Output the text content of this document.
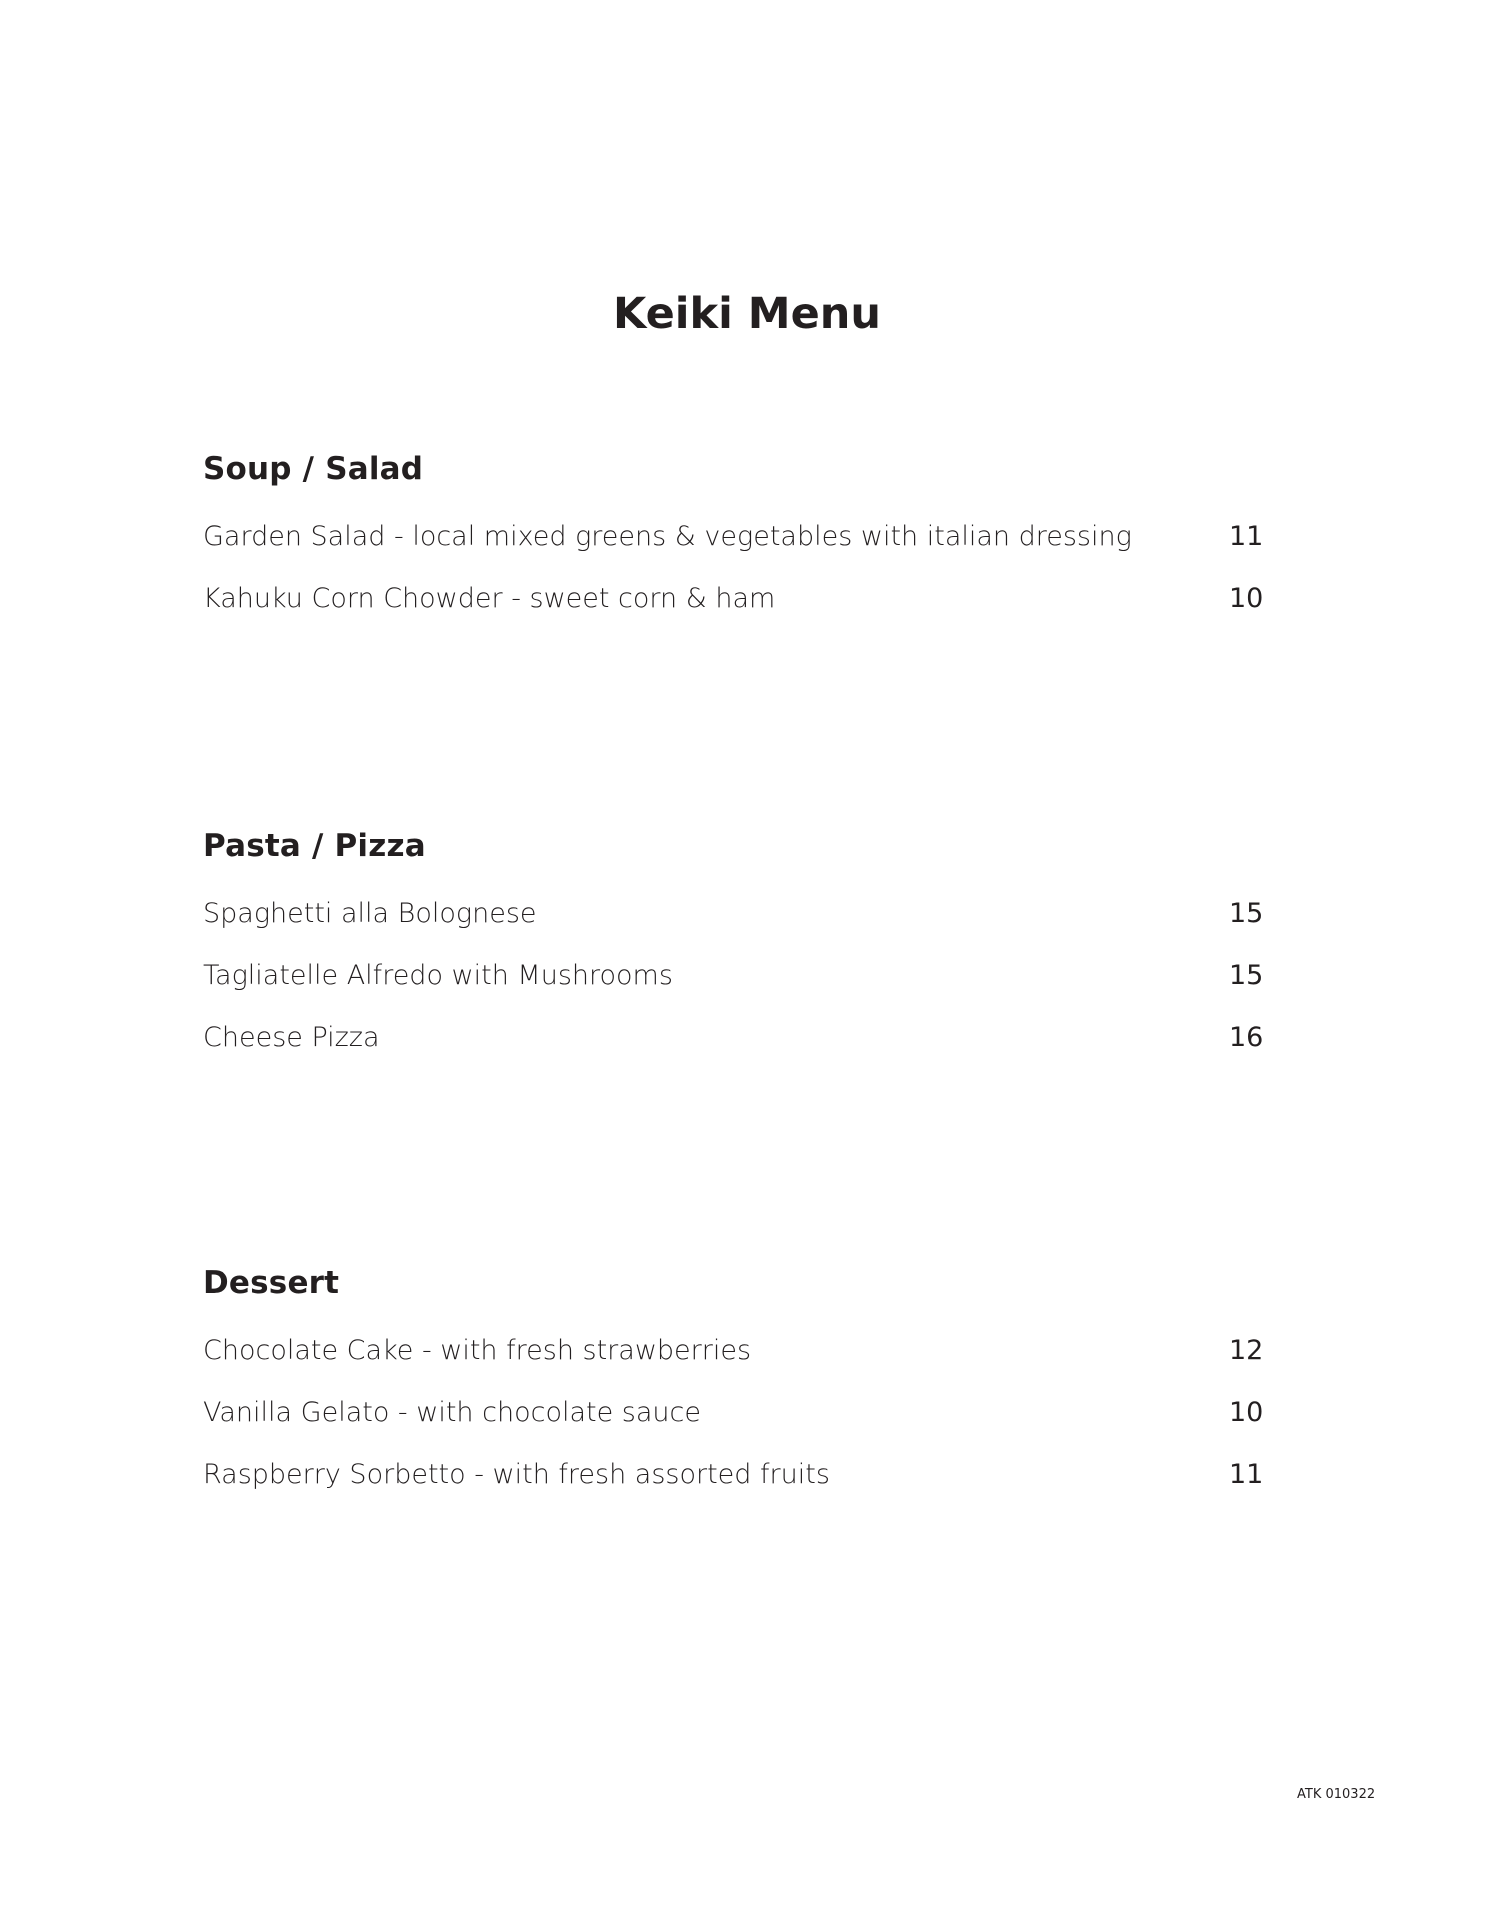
Keiki Menu
Soup / Salad
Garden Salad - local mixed greens & vegetables with italian dressing	11
Kahuku Corn Chowder - sweet corn & ham	10
Pasta / Pizza
Spaghetti alla Bolognese	15
Tagliatelle Alfredo with Mushrooms	15
Cheese Pizza	16
Dessert
Chocolate Cake - with fresh strawberries	12
Vanilla Gelato - with chocolate sauce	10
Raspberry Sorbetto - with fresh assorted fruits	11
ATK 010322
